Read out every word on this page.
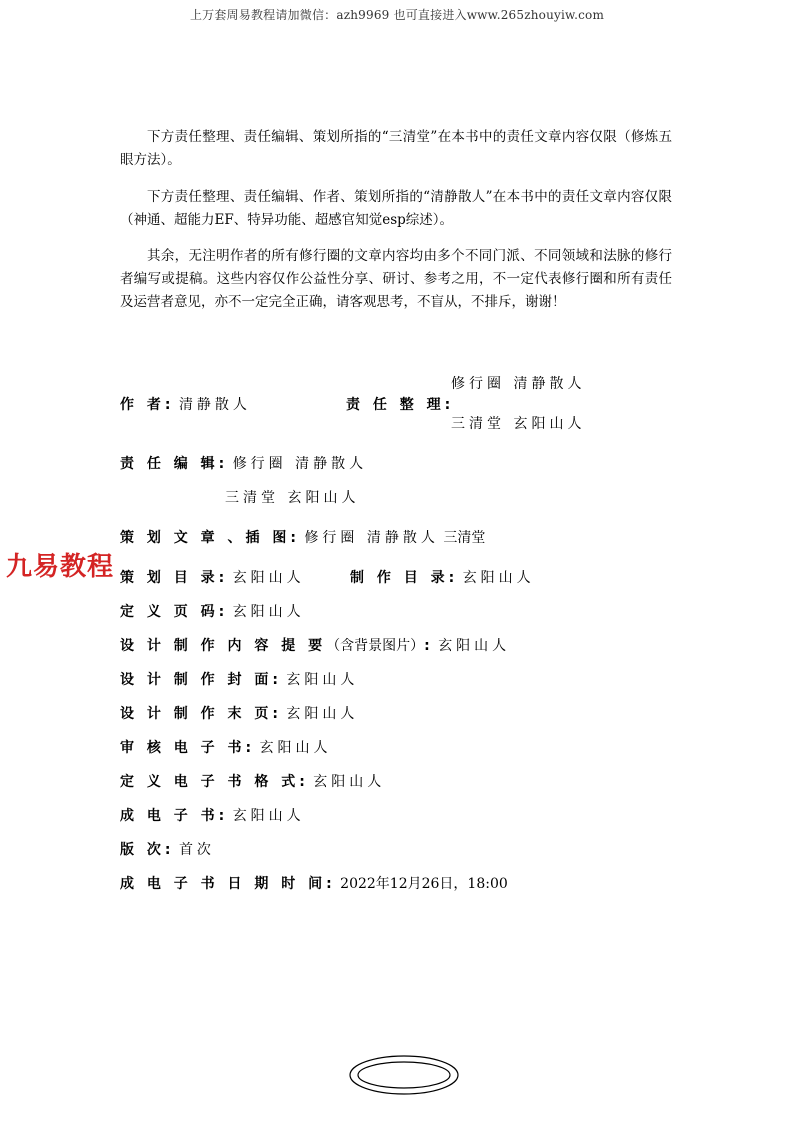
上万套周易教程请加微信：azh9969 也可直接进入www.265zhouyiw.com
下方责任整理、责任编辑、策划所指的“三清堂”在本书中的责任文章内容仅限（修炼五眼方法）。
下方责任整理、责任编辑、作者、策划所指的“清静散人”在本书中的责任文章内容仅限（神通、超能力EF、特异功能、超感官知觉esp综述）。
其余，无注明作者的所有修行圈的文章内容均由多个不同门派、不同领域和法脉的修行者编写或提稿。这些内容仅作公益性分享、研讨、参考之用，不一定代表修行圈和所有责任及运营者意见，亦不一定完全正确，请客观思考，不盲从，不排斥，谢谢！
作 者: 清静散人	责 任 整 理:
修行圈 清静散人
三清堂 玄阳山人
责 任 编 辑: 修行圈 清静散人
三清堂 玄阳山人
策 划 文 章 、插 图: 修行圈 清静散人 三清堂
策 划 目 录: 玄阳山人	制 作 目 录: 玄阳山人
定 义 页 码: 玄阳山人
设 计 制 作 内 容 提 要（含背景图片）: 玄阳山人
设 计 制 作 封 面: 玄阳山人
设 计 制 作 末 页: 玄阳山人
审 核 电 子 书: 玄阳山人
定 义 电 子 书 格 式: 玄阳山人
成 电 子 书: 玄阳山人
版 次: 首次
成 电 子 书 日 期 时 间: 2022年12月26日，18:00
九易教程
